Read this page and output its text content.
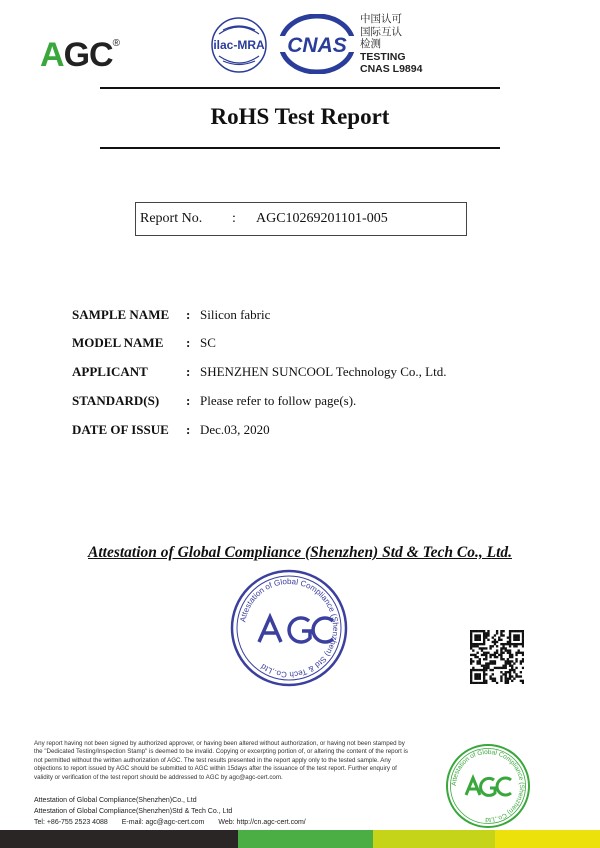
AGC®	ilac-MRA CNAS
中国认可
国际互认
检测
TESTING
CNAS L9894
RoHS Test Report
Report No. : AGC10269201101-005
SAMPLE NAME : Silicon fabric
MODEL NAME : SC
APPLICANT	: SHENZHEN SUNCOOL Technology Co., Ltd.
STANDARD(S) : Please refer to follow page(s).
DATE OF ISSUE : Dec.03, 2020
Attestation of Global Compliance (Shenzhen) Std & Tech Co., Ltd.
Attestation of Global Compliance (Shenzhen) Std & Tech Co.,Ltd
Any report having not been signed by authorized approver, or having been altered without authorization, or having not been stamped by the "Dedicated Testing/Inspection Stamp" is deemed to be invalid. Copying or excerpting portion of, or altering the content of the report is not permitted without the written authorization of AGC. The test results presented in the report apply only to the tested sample. Any objections to report issued by AGC should be submitted to AGC within 15days after the issuance of the test report. Further enquiry of validity or verification of the test report should be addressed to AGC by agc@agc-cert.com.
Attestation of Global Compliance(Shenzhen)Co., Ltd
Attestation of Global Compliance(Shenzhen)Std & Tech Co., Ltd
Tel: +86-755 2523 4088 E-mail: agc@agc-cert.com Web: http://cn.agc-cert.com/
Attestation of Global Compliance (Shenzhen) Co.,Ltd
